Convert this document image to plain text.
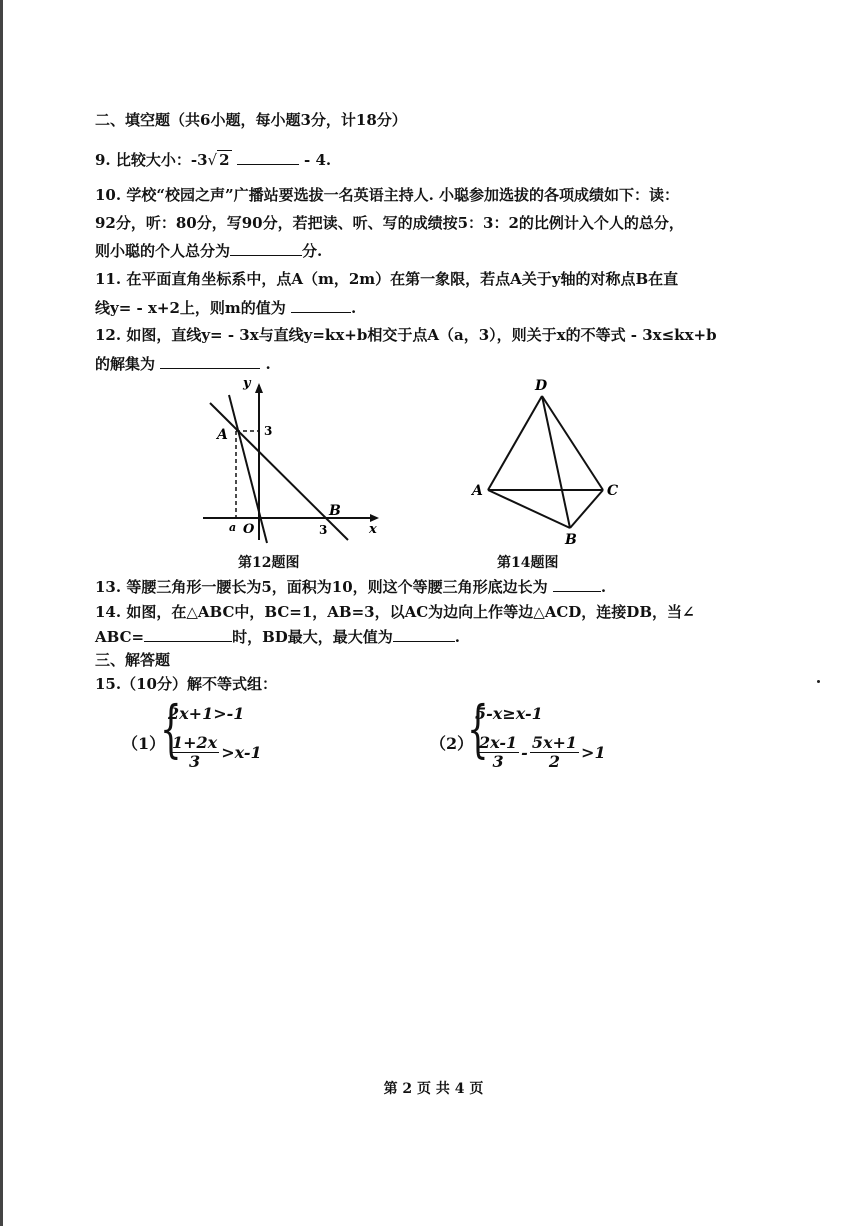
二、填空题（共6小题，每小题3分，计18分）
9. 比较大小：-3√ 2	- 4.
10. 学校“校园之声”广播站要选拔一名英语主持人. 小聪参加选拔的各项成绩如下：读：
92分，听：80分，写90分，若把读、听、写的成绩按5：3：2的比例计入个人的总分，
则小聪的个人总分为	分.
11. 在平面直角坐标系中，点A（m，2m）在第一象限，若点A关于y轴的对称点B在直
线y= - x+2上，则m的值为	.
12. 如图，直线y= - 3x与直线y=kx+b相交于点A（a，3），则关于x的不等式 - 3x≤kx+b
的解集为	.
y
x
A
B
O
a
3
3
第12题图
D
A	C
B
第14题图
13. 等腰三角形一腰长为5，面积为10，则这个等腰三角形底边长为	.
14. 如图，在△ABC中，BC=1，AB=3，以AC为边向上作等边△ACD，连接DB，当∠
ABC=	时，BD最大，最大值为	.
三、解答题
15.（10分）解不等式组：
（1）
{
2x+1>-1
$\frac{1+2x}{3} >x-1$	（2）
{
5-x≥x-1
$\frac{2x-1}{3} - \frac{5x+1}{2} >1$
第 2 页 共 4 页
